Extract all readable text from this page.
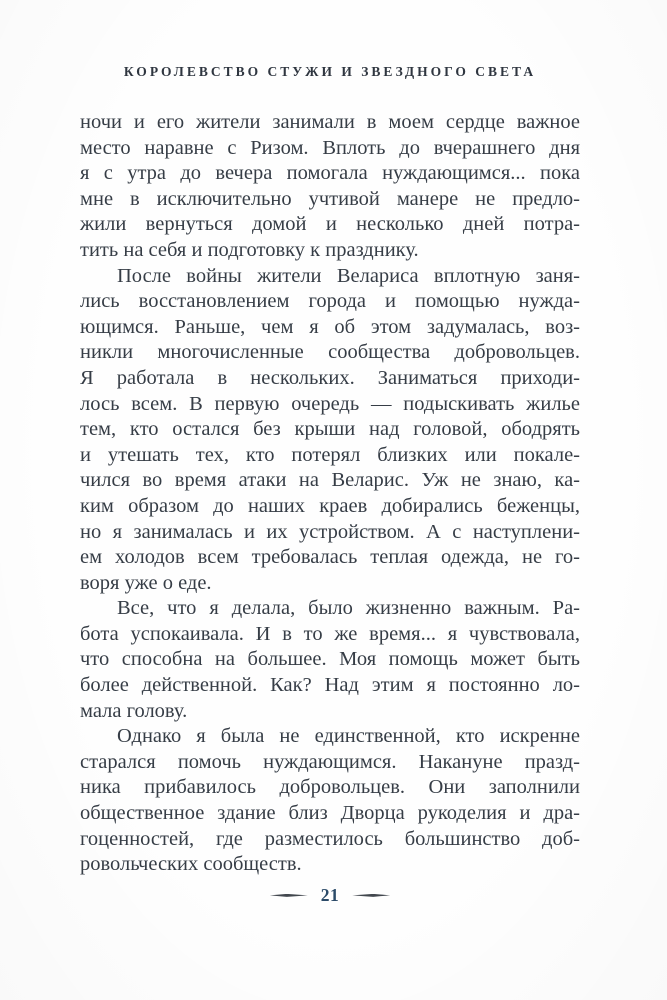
КОРОЛЕВСТВО СТУЖИ И ЗВЕЗДНОГО СВЕТА
ночи и его жители занимали в моем сердце важное
место наравне с Ризом. Вплоть до вчерашнего дня
я с утра до вечера помогала нуждающимся... пока
мне в исключительно учтивой манере не предло-
жили вернуться домой и несколько дней потра-
тить на себя и подготовку к празднику.
После войны жители Велариса вплотную заня-
лись восстановлением города и помощью нужда-
ющимся. Раньше, чем я об этом задумалась, воз-
никли многочисленные сообщества добровольцев.
Я работала в нескольких. Заниматься приходи-
лось всем. В первую очередь — подыскивать жилье
тем, кто остался без крыши над головой, ободрять
и утешать тех, кто потерял близких или покале-
чился во время атаки на Веларис. Уж не знаю, ка-
ким образом до наших краев добирались беженцы,
но я занималась и их устройством. А с наступлени-
ем холодов всем требовалась теплая одежда, не го-
воря уже о еде.
Все, что я делала, было жизненно важным. Ра-
бота успокаивала. И в то же время... я чувствовала,
что способна на большее. Моя помощь может быть
более действенной. Как? Над этим я постоянно ло-
мала голову.
Однако я была не единственной, кто искренне
старался помочь нуждающимся. Накануне празд-
ника прибавилось добровольцев. Они заполнили
общественное здание близ Дворца рукоделия и дра-
гоценностей, где разместилось большинство доб-
ровольческих сообществ.
21
